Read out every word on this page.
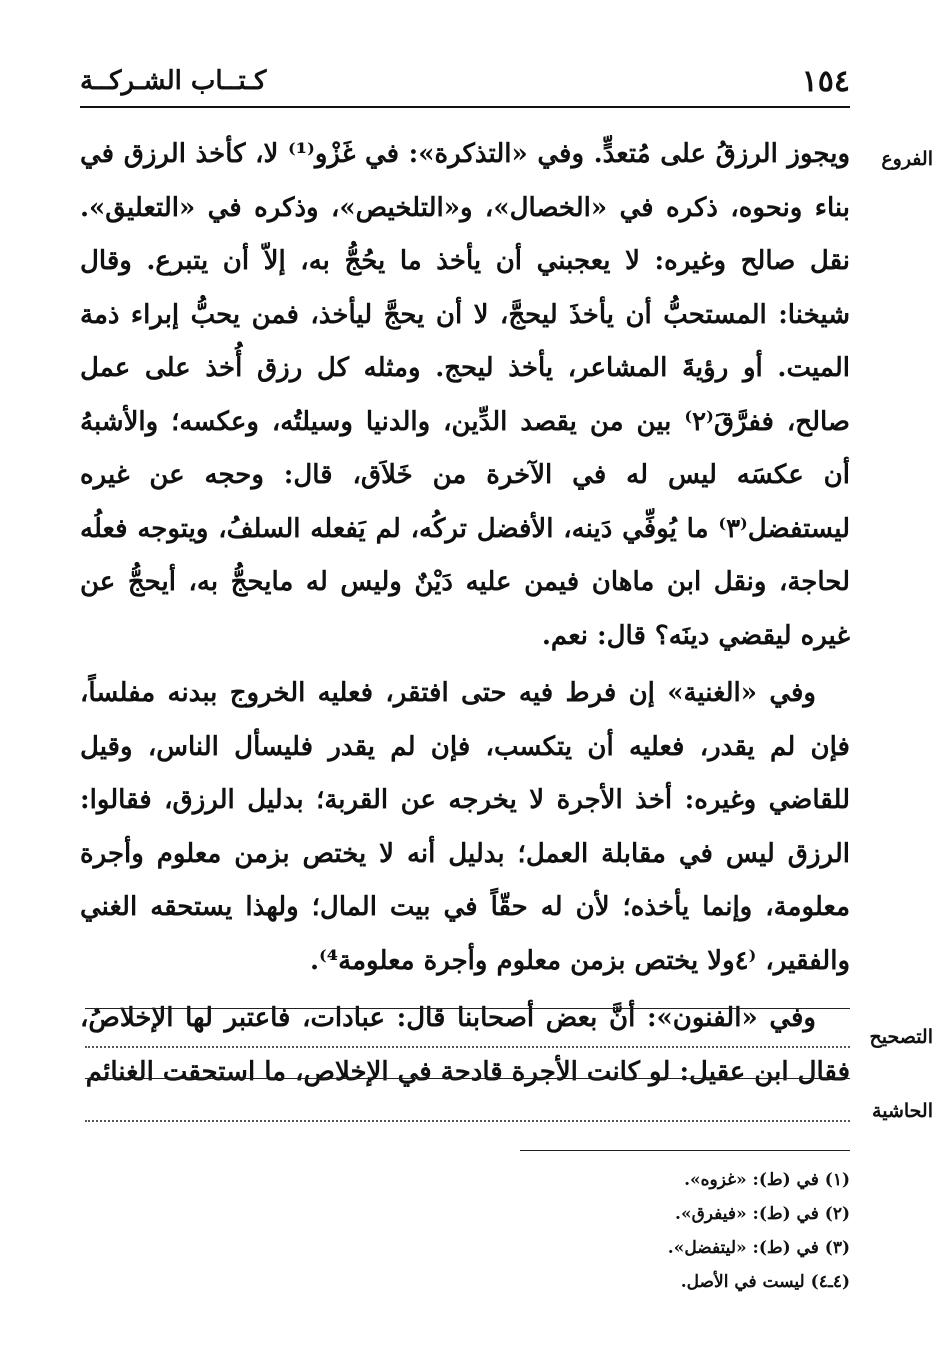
١٥٤
كـتــاب الشـركــة
الفروع

ويجوز الرزقُ على مُتعدٍّ. وفي «التذكرة»: في غَزْو⁽¹⁾ لا، كأخذ الرزق في بناء ونحوه، ذكره في «الخصال»، و«التلخيص»، وذكره في «التعليق». نقل صالح وغيره: لا يعجبني أن يأخذ ما يحُجُّ به، إلاّ أن يتبرع. وقال شيخنا: المستحبُّ أن يأخذَ ليحجَّ، لا أن يحجَّ ليأخذ، فمن يحبُّ إبراء ذمة الميت. أو رؤيةَ المشاعر، يأخذ ليحج. ومثله كل رزق أُخذ على عمل صالح، ففرَّقَ⁽٢⁾ بين من يقصد الدِّين، والدنيا وسيلتُه، وعكسه؛ والأشبهُ أن عكسَه ليس له في الآخرة من خَلاَق، قال: وحجه عن غيره ليستفضل⁽٣⁾ ما يُوفِّي دَينه، الأفضل تركُه، لم يَفعله السلفُ، ويتوجه فعلُه لحاجة، ونقل ابن ماهان فيمن عليه دَيْنٌ وليس له مايحجُّ به، أيحجُّ عن غيره ليقضي دينَه؟ قال: نعم.

وفي «الغنية» إن فرط فيه حتى افتقر، فعليه الخروج ببدنه مفلساً، فإن لم يقدر، فعليه أن يتكسب، فإن لم يقدر فليسأل الناس، وقيل للقاضي وغيره: أخذ الأجرة لا يخرجه عن القربة؛ بدليل الرزق، فقالوا: الرزق ليس في مقابلة العمل؛ بدليل أنه لا يختص بزمن معلوم وأجرة معلومة، وإنما يأخذه؛ لأن له حقّاً في بيت المال؛ ولهذا يستحقه الغني والفقير، ⁽٤ولا يختص بزمن معلوم وأجرة معلومة⁴⁾.

وفي «الفنون»: أنَّ بعض أصحابنا قال: عبادات، فاعتبر لها الإخلاصُ، فقال ابن عقيل: لو كانت الأجرة قادحة في الإخلاص، ما استحقت الغنائم

التصحيح
الحاشية
(١) في (ط): «غزوه».
(٢) في (ط): «فيفرق».
(٣) في (ط): «ليتفضل».
(٤ـ٤) ليست في الأصل.
